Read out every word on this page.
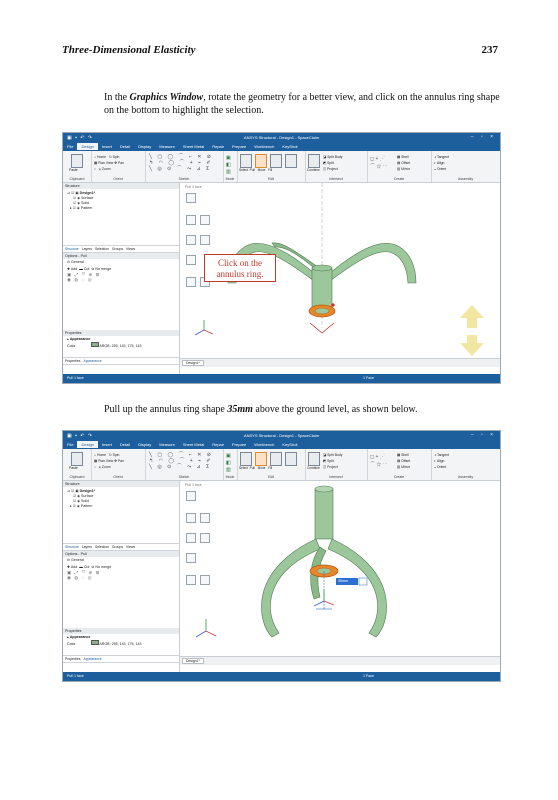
Three-Dimensional Elasticity	237
In the Graphics Window, rotate the geometry for a better view, and click on the annulus ring shape on the bottom to highlight the selection.
▣ ▪ ↶ ↷	ANSYS Structural - Design1 - SpaceClaim	– ▫ ×
File Design Insert Detail Display Measure Sheet Metal Repair Prepare Workbench KeyShot
Paste
Clipboard
⌂ Home   ↻ Spin
▦ Plan View ✥ Pan
⌕   ⊕ Zoom
Orient
╲ ▢ ◯ ⌒ ⌐ ✕ ⊘
↰ ◠ ◯ ⌒ + ⌁ ✐
╲ ◎ ⊙ ⌒ ⤳ ⊿ Σ
Sketch
▣
◧
▥
Mode
Select Pull Move Fill
Edit
Combine
◪ Split Body
◩ Split
◫ Project
Intersect
◻ + ⋰
⌒ ☆ ⋯
▦ Shell
▤ Offset
▥ Mirror
Create
◑ Tangent
◐ Align
◒ Orient
Assembly
Structure
⊿ ☑ ▣ Design1*
☑ ◈ Surface
☑ ◈ Solid
▸ ☑ ◈ Pattern
Structure Layers Selection Groups Views
Options - Pull
⊖ General
✚ Add  ▬ Cut  ⊘ No merge
▣ ⤢ ⤧ ⊕ ⊞
◉ ◍ ◌ ◎
Properties
▴ Appearance
Color	ARGB: 255, 143, 175, 143
Properties Appearance
Pull 1 face
Design1*
Pull 1 face	1 Face
Click on the
annulus ring.
Pull up the annulus ring shape 35mm above the ground level, as shown below.
▣ ▪ ↶ ↷	ANSYS Structural - Design1 - SpaceClaim	– ▫ ×
File Design Insert Detail Display Measure Sheet Metal Repair Prepare Workbench KeyShot
Paste
Clipboard
⌂ Home   ↻ Spin
▦ Plan View ✥ Pan
⌕   ⊕ Zoom
Orient
╲ ▢ ◯ ⌒ ⌐ ✕ ⊘
↰ ◠ ◯ ⌒ + ⌁ ✐
╲ ◎ ⊙ ⌒ ⤳ ⊿ Σ
Sketch
▣
◧
▥
Mode
Select Pull Move Fill
Edit
Combine
◪ Split Body
◩ Split
◫ Project
Intersect
◻ + ⋰
⌒ ☆ ⋯
▦ Shell
▤ Offset
▥ Mirror
Create
◑ Tangent
◐ Align
◒ Orient
Assembly
Structure
⊿ ☑ ▣ Design1*
☑ ◈ Surface
☑ ◈ Solid
▸ ☑ ◈ Pattern
Structure Layers Selection Groups Views
Options - Pull
⊖ General
✚ Add  ▬ Cut  ⊘ No merge
▣ ⤢ ⤧ ⊕ ⊞
◉ ◍ ◌ ◎
Properties
▴ Appearance
Color	ARGB: 255, 143, 175, 143
Properties Appearance
Pull 1 face
35mm
Design1*
Pull 1 face	1 Face
